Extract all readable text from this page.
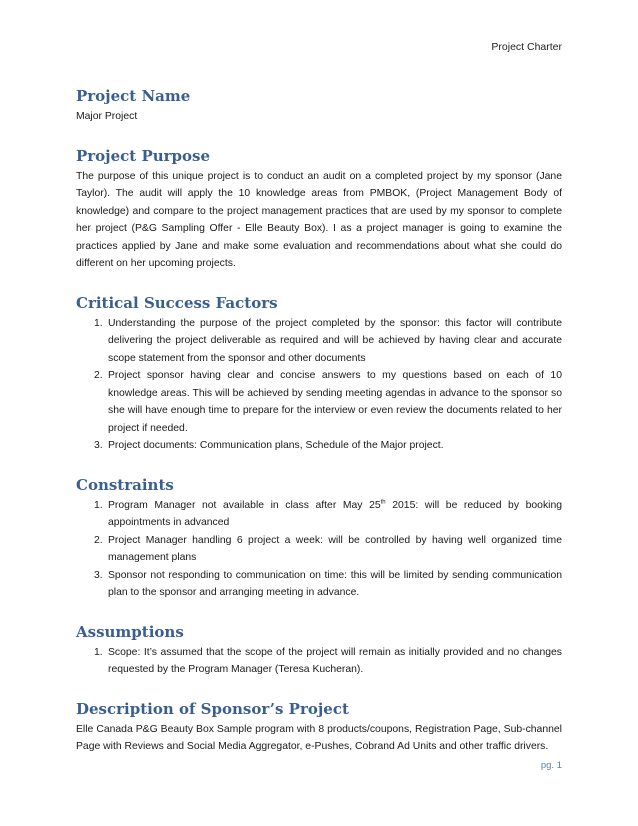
Project Charter
Project Name

Major Project

Project Purpose

The purpose of this unique project is to conduct an audit on a completed project by my sponsor (Jane Taylor). The audit will apply the 10 knowledge areas from PMBOK, (Project Management Body of knowledge) and compare to the project management practices that are used by my sponsor to complete her project (P&G Sampling Offer - Elle Beauty Box). I as a project manager is going to examine the practices applied by Jane and make some evaluation and recommendations about what she could do different on her upcoming projects.

Critical Success Factors
1. Understanding the purpose of the project completed by the sponsor: this factor will contribute delivering the project deliverable as required and will be achieved by having clear and accurate scope statement from the sponsor and other documents
2. Project sponsor having clear and concise answers to my questions based on each of 10 knowledge areas. This will be achieved by sending meeting agendas in advance to the sponsor so she will have enough time to prepare for the interview or even review the documents related to her project if needed.
3. Project documents: Communication plans, Schedule of the Major project.
Constraints
1. Program Manager not available in class after May 25th 2015: will be reduced by booking appointments in advanced
2. Project Manager handling 6 project a week: will be controlled by having well organized time management plans
3. Sponsor not responding to communication on time: this will be limited by sending communication plan to the sponsor and arranging meeting in advance.
Assumptions
1. Scope: It’s assumed that the scope of the project will remain as initially provided and no changes requested by the Program Manager (Teresa Kucheran).
Description of Sponsor’s Project

Elle Canada P&G Beauty Box Sample program with 8 products/coupons, Registration Page, Sub-channel Page with Reviews and Social Media Aggregator, e-Pushes, Cobrand Ad Units and other traffic drivers.

pg. 1
